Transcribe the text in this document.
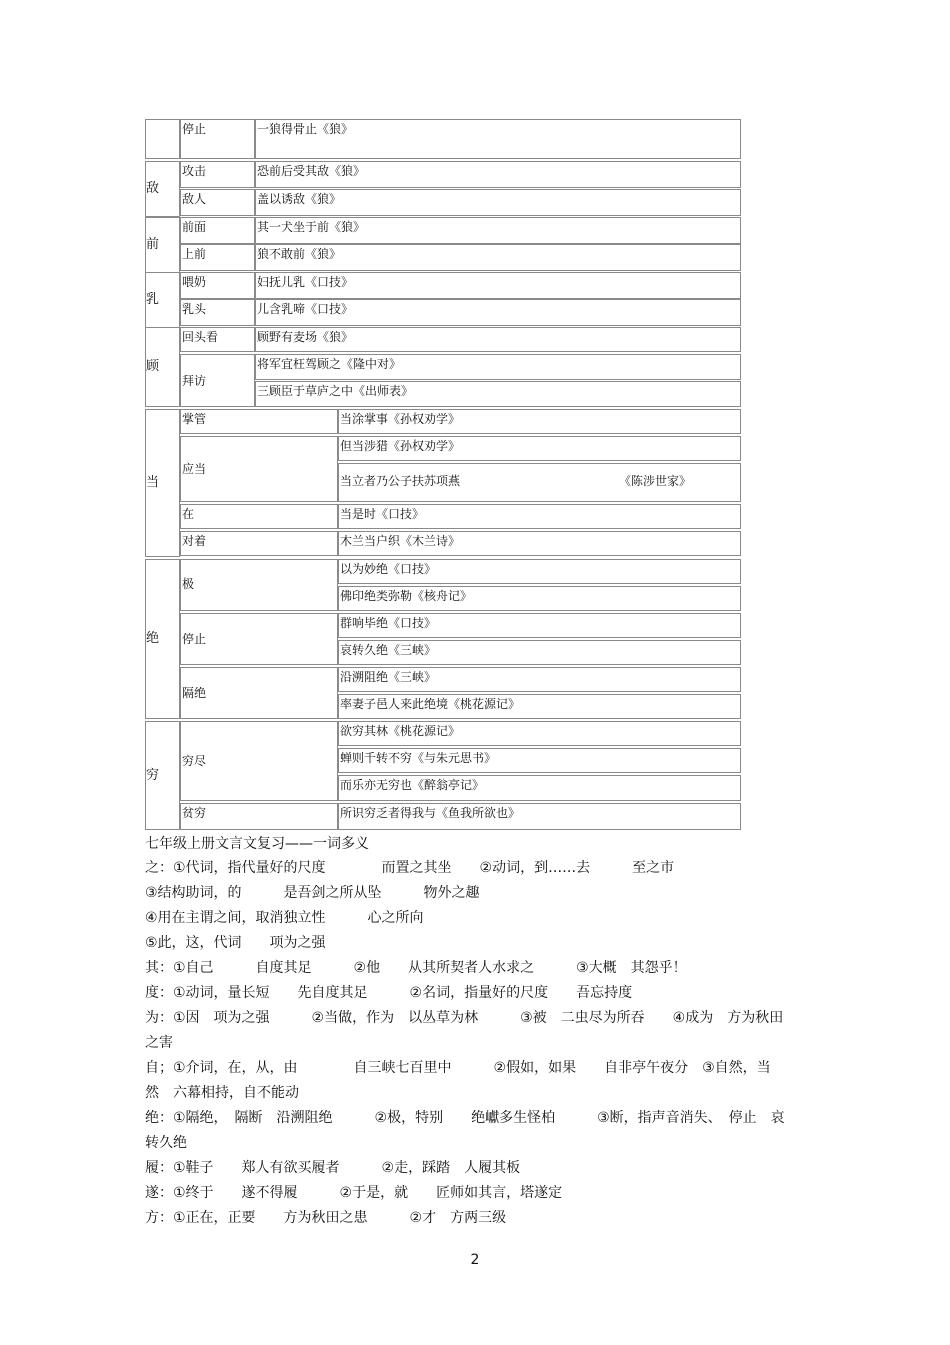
敌
前
乳
顾
当
绝
穷
停止
攻击
敌人
前面
上前
喂奶
乳头
回头看
拜访
掌管
应当
在
对着
极
停止
隔绝
穷尽
贫穷
一狼得骨止《狼》
恐前后受其敌《狼》
盖以诱敌《狼》
其一犬坐于前《狼》
狼不敢前《狼》
妇抚儿乳《口技》
儿含乳啼《口技》
顾野有麦场《狼》
将军宜枉驾顾之《隆中对》
三顾臣于草庐之中《出师表》
当涂掌事《孙权劝学》
但当涉猎《孙权劝学》
当立者乃公子扶苏项燕	《陈涉世家》
当是时《口技》
木兰当户织《木兰诗》
以为妙绝《口技》
佛印绝类弥勒《核舟记》
群响毕绝《口技》
哀转久绝《三峡》
沿溯阻绝《三峡》
率妻子邑人来此绝境《桃花源记》
欲穷其林《桃花源记》
蝉则千转不穷《与朱元思书》
而乐亦无穷也《醉翁亭记》
所识穷乏者得我与《鱼我所欲也》
七年级上册文言文复习——一词多义
之：①代词，指代量好的尺度　　　　而置之其坐　　②动词，到……去　　　至之市
③结构助词，的　　　是吾剑之所从坠　　　物外之趣
④用在主谓之间，取消独立性　　　心之所向
⑤此，这，代词　　项为之强
其：①自己　　　自度其足　　　②他　　从其所契者人水求之　　　③大概　其怨乎！
度：①动词，量长短　　先自度其足　　　②名词，指量好的尺度　　吾忘持度
为：①因　项为之强　　　②当做，作为　以丛草为林　　　③被　二虫尽为所吞　　④成为　方为秋田
之害
自；①介词，在，从，由　　　　自三峡七百里中　　　②假如，如果　　自非亭午夜分　③自然，当
然　六幕相持，自不能动
绝：①隔绝，　隔断　沿溯阻绝　　　②极，特别　　绝巘多生怪柏　　　③断，指声音消失、　停止　哀
转久绝
履：①鞋子　　郑人有欲买履者　　　②走，踩踏　人履其板
遂：①终于　　遂不得履　　　②于是，就　　匠师如其言，塔遂定
方：①正在，正要　　方为秋田之患　　　②才　方两三级
2
